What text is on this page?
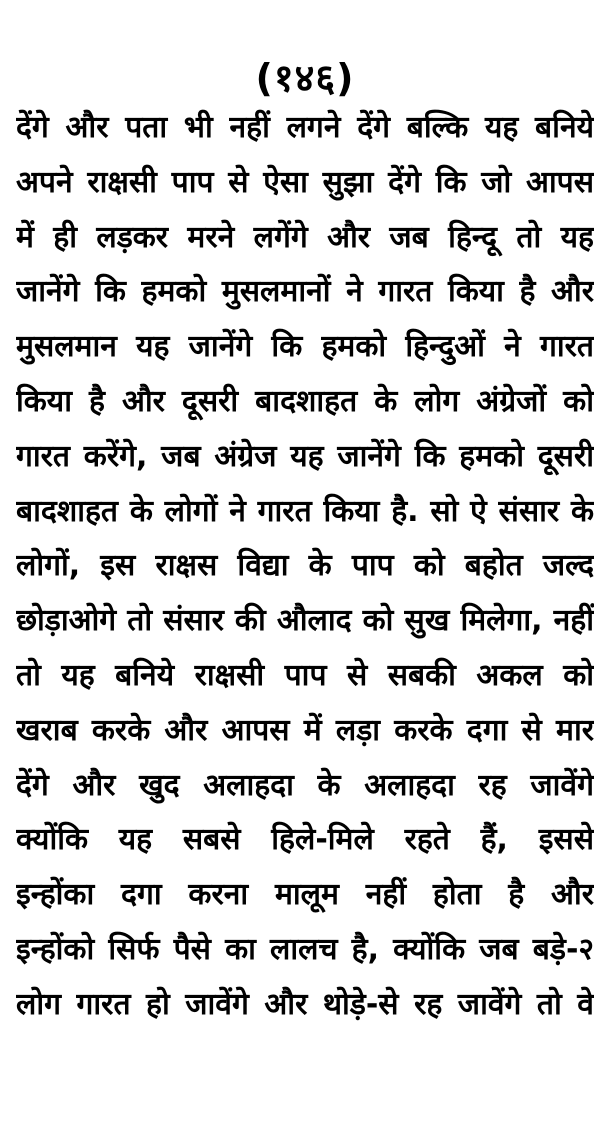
(१४६)
देंगे और पता भी नहीं लगने देंगे बल्कि यह बनिये
अपने राक्षसी पाप से ऐसा सुझा देंगे कि जो आपस
में ही लड़कर मरने लगेंगे और जब हिन्दू तो यह
जानेंगे कि हमको मुसलमानों ने गारत किया है और
मुसलमान यह जानेंगे कि हमको हिन्दुओं ने गारत
किया है और दूसरी बादशाहत के लोग अंग्रेजों को
गारत करेंगे, जब अंग्रेज यह जानेंगे कि हमको दूसरी
बादशाहत के लोगों ने गारत किया है. सो ऐ संसार के
लोगों, इस राक्षस विद्या के पाप को बहोत जल्द
छोड़ाओगे तो संसार की औलाद को सुख मिलेगा, नहीं
तो यह बनिये राक्षसी पाप से सबकी अकल को
खराब करके और आपस में लड़ा करके दगा से मार
देंगे और खुद अलाहदा के अलाहदा रह जावेंगे
क्योंकि यह सबसे हिले-मिले रहते हैं, इससे
इन्होंका दगा करना मालूम नहीं होता है और
इन्होंको सिर्फ पैसे का लालच है, क्योंकि जब बड़े-२
लोग गारत हो जावेंगे और थोड़े-से रह जावेंगे तो वे
